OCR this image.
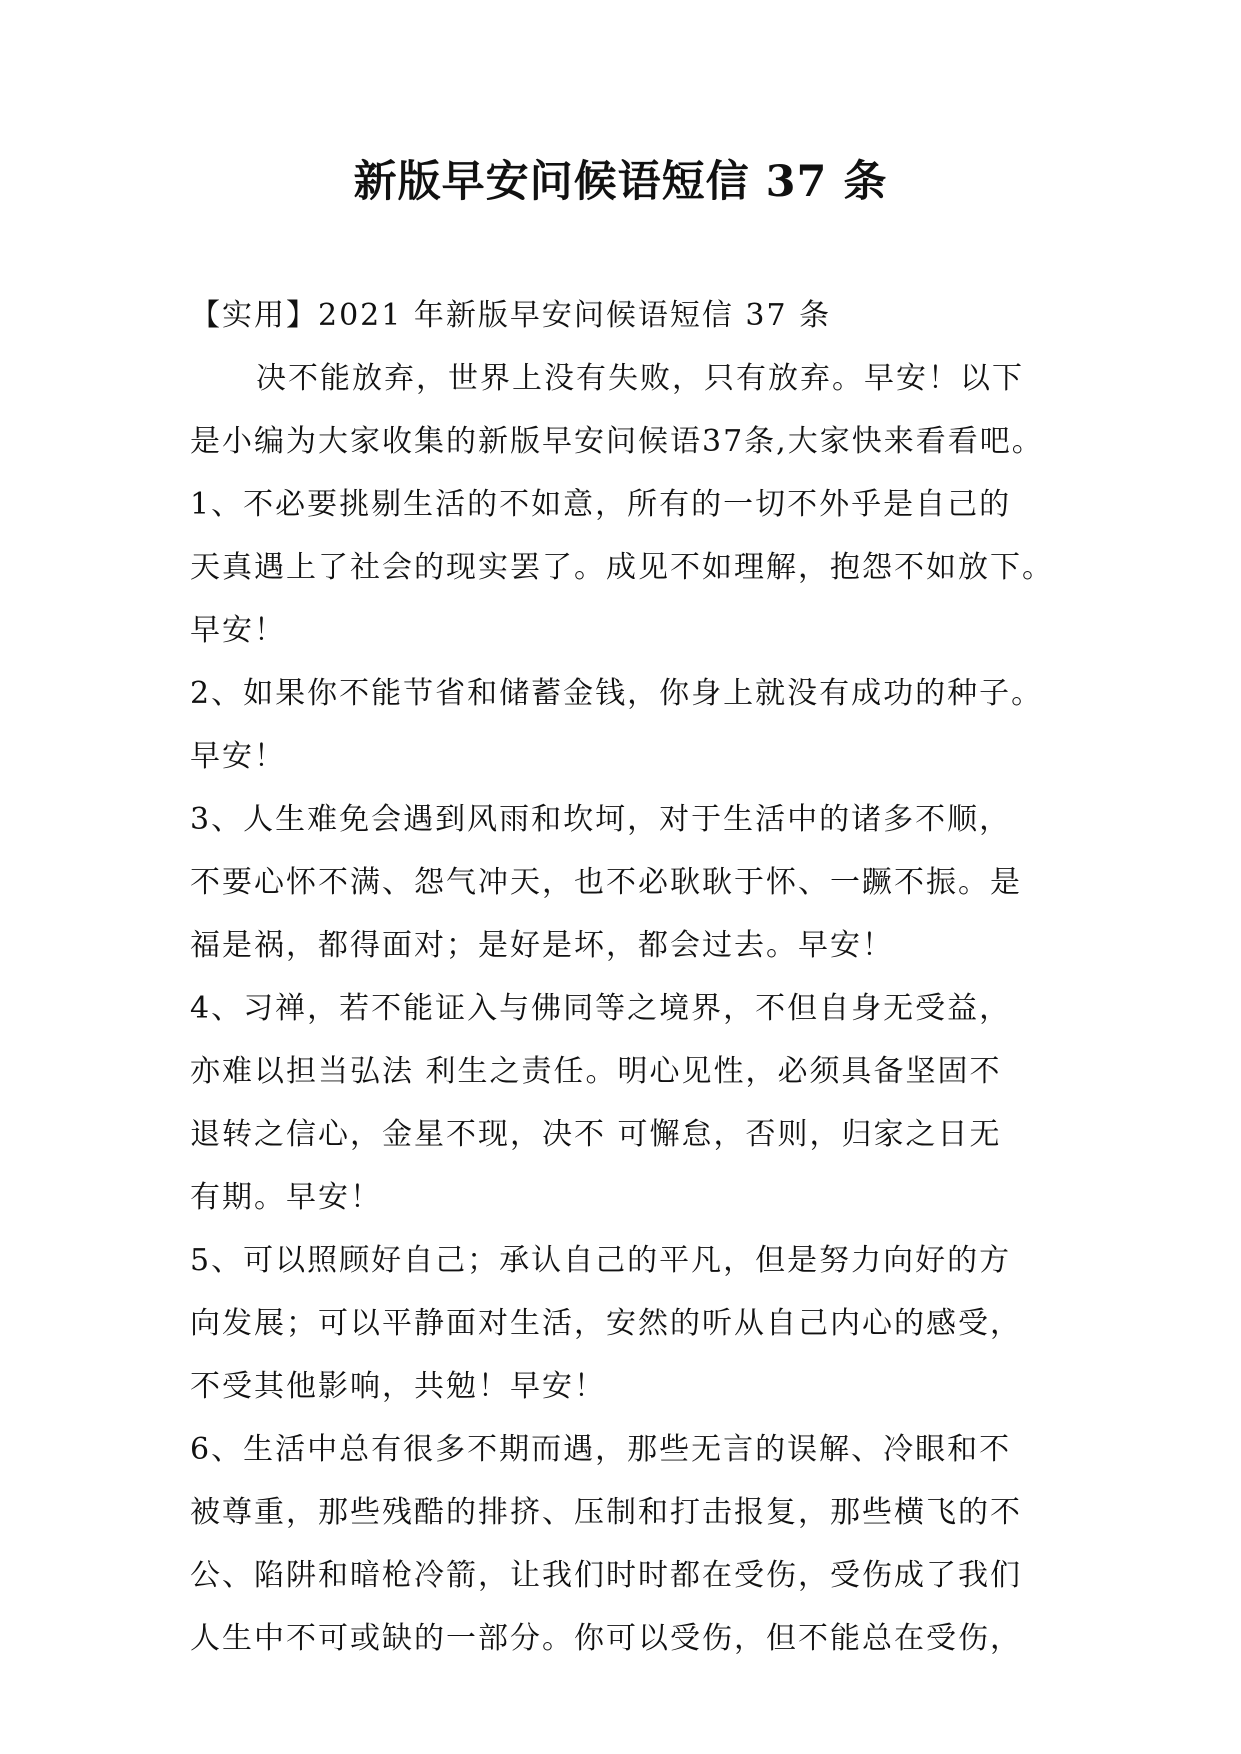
新版早安问候语短信 37 条
【实用】2021 年新版早安问候语短信 37 条
决不能放弃，世界上没有失败，只有放弃。早安！以下
是小编为大家收集的新版早安问候语37条,大家快来看看吧。
1、不必要挑剔生活的不如意，所有的一切不外乎是自己的
天真遇上了社会的现实罢了。成见不如理解，抱怨不如放下。
早安！
2、如果你不能节省和储蓄金钱，你身上就没有成功的种子。
早安！
3、人生难免会遇到风雨和坎坷，对于生活中的诸多不顺，
不要心怀不满、怨气冲天，也不必耿耿于怀、一蹶不振。是
福是祸，都得面对；是好是坏，都会过去。早安！
4、习禅，若不能证入与佛同等之境界，不但自身无受益，
亦难以担当弘法 利生之责任。明心见性，必须具备坚固不
退转之信心，金星不现，决不 可懈怠，否则，归家之日无
有期。早安！
5、可以照顾好自己；承认自己的平凡，但是努力向好的方
向发展；可以平静面对生活，安然的听从自己内心的感受，
不受其他影响，共勉！早安！
6、生活中总有很多不期而遇，那些无言的误解、冷眼和不
被尊重，那些残酷的排挤、压制和打击报复，那些横飞的不
公、陷阱和暗枪冷箭，让我们时时都在受伤，受伤成了我们
人生中不可或缺的一部分。你可以受伤，但不能总在受伤，
